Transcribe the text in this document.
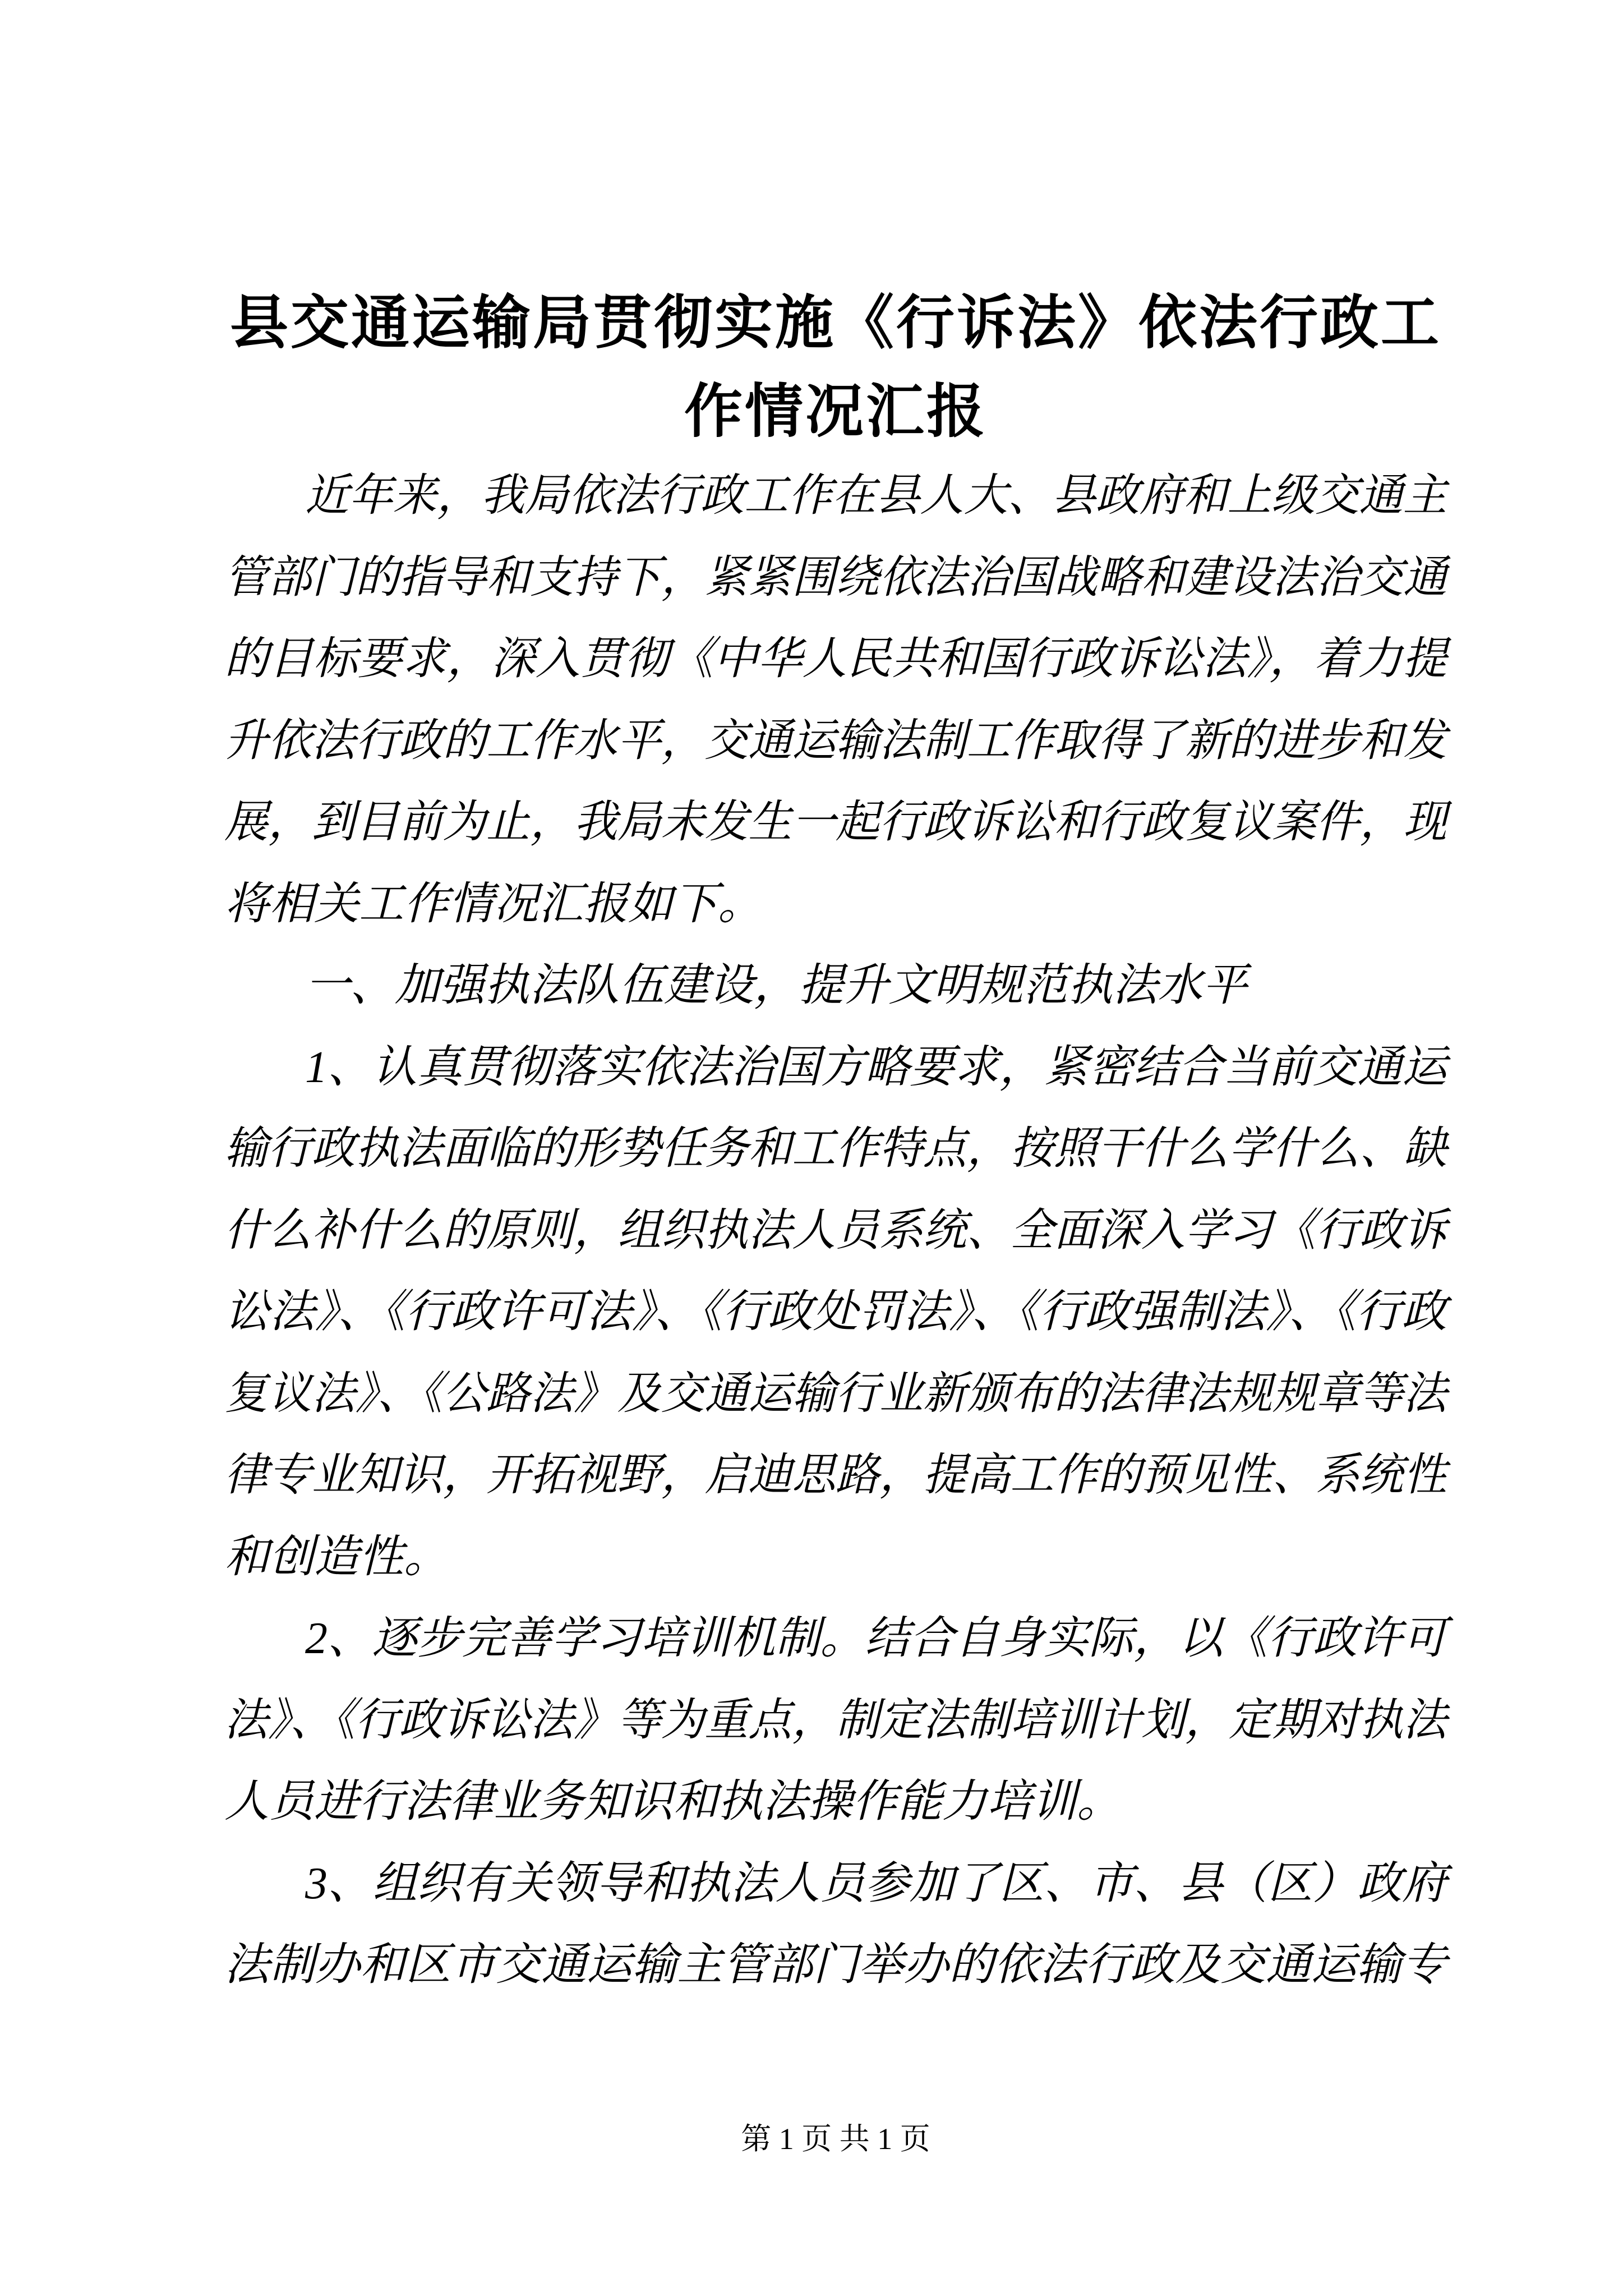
县交通运输局贯彻实施《行诉法》依法行政工
作情况汇报
近年来，我局依法行政工作在县人大、县政府和上级交通主
管部门的指导和支持下，紧紧围绕依法治国战略和建设法治交通
的目标要求，深入贯彻《中华人民共和国行政诉讼法》，着力提
升依法行政的工作水平，交通运输法制工作取得了新的进步和发
展，到目前为止，我局未发生一起行政诉讼和行政复议案件，现
将相关工作情况汇报如下。
一、加强执法队伍建设，提升文明规范执法水平
1、认真贯彻落实依法治国方略要求，紧密结合当前交通运
输行政执法面临的形势任务和工作特点，按照干什么学什么、缺
什么补什么的原则，组织执法人员系统、全面深入学习《行政诉
讼法》、《行政许可法》、《行政处罚法》、《行政强制法》、《行政
复议法》、《公路法》及交通运输行业新颁布的法律法规规章等法
律专业知识，开拓视野，启迪思路，提高工作的预见性、系统性
和创造性。
2、逐步完善学习培训机制。结合自身实际，以《行政许可
法》、《行政诉讼法》等为重点，制定法制培训计划，定期对执法
人员进行法律业务知识和执法操作能力培训。
3、组织有关领导和执法人员参加了区、市、县（区）政府
法制办和区市交通运输主管部门举办的依法行政及交通运输专
第 1 页 共 1 页
